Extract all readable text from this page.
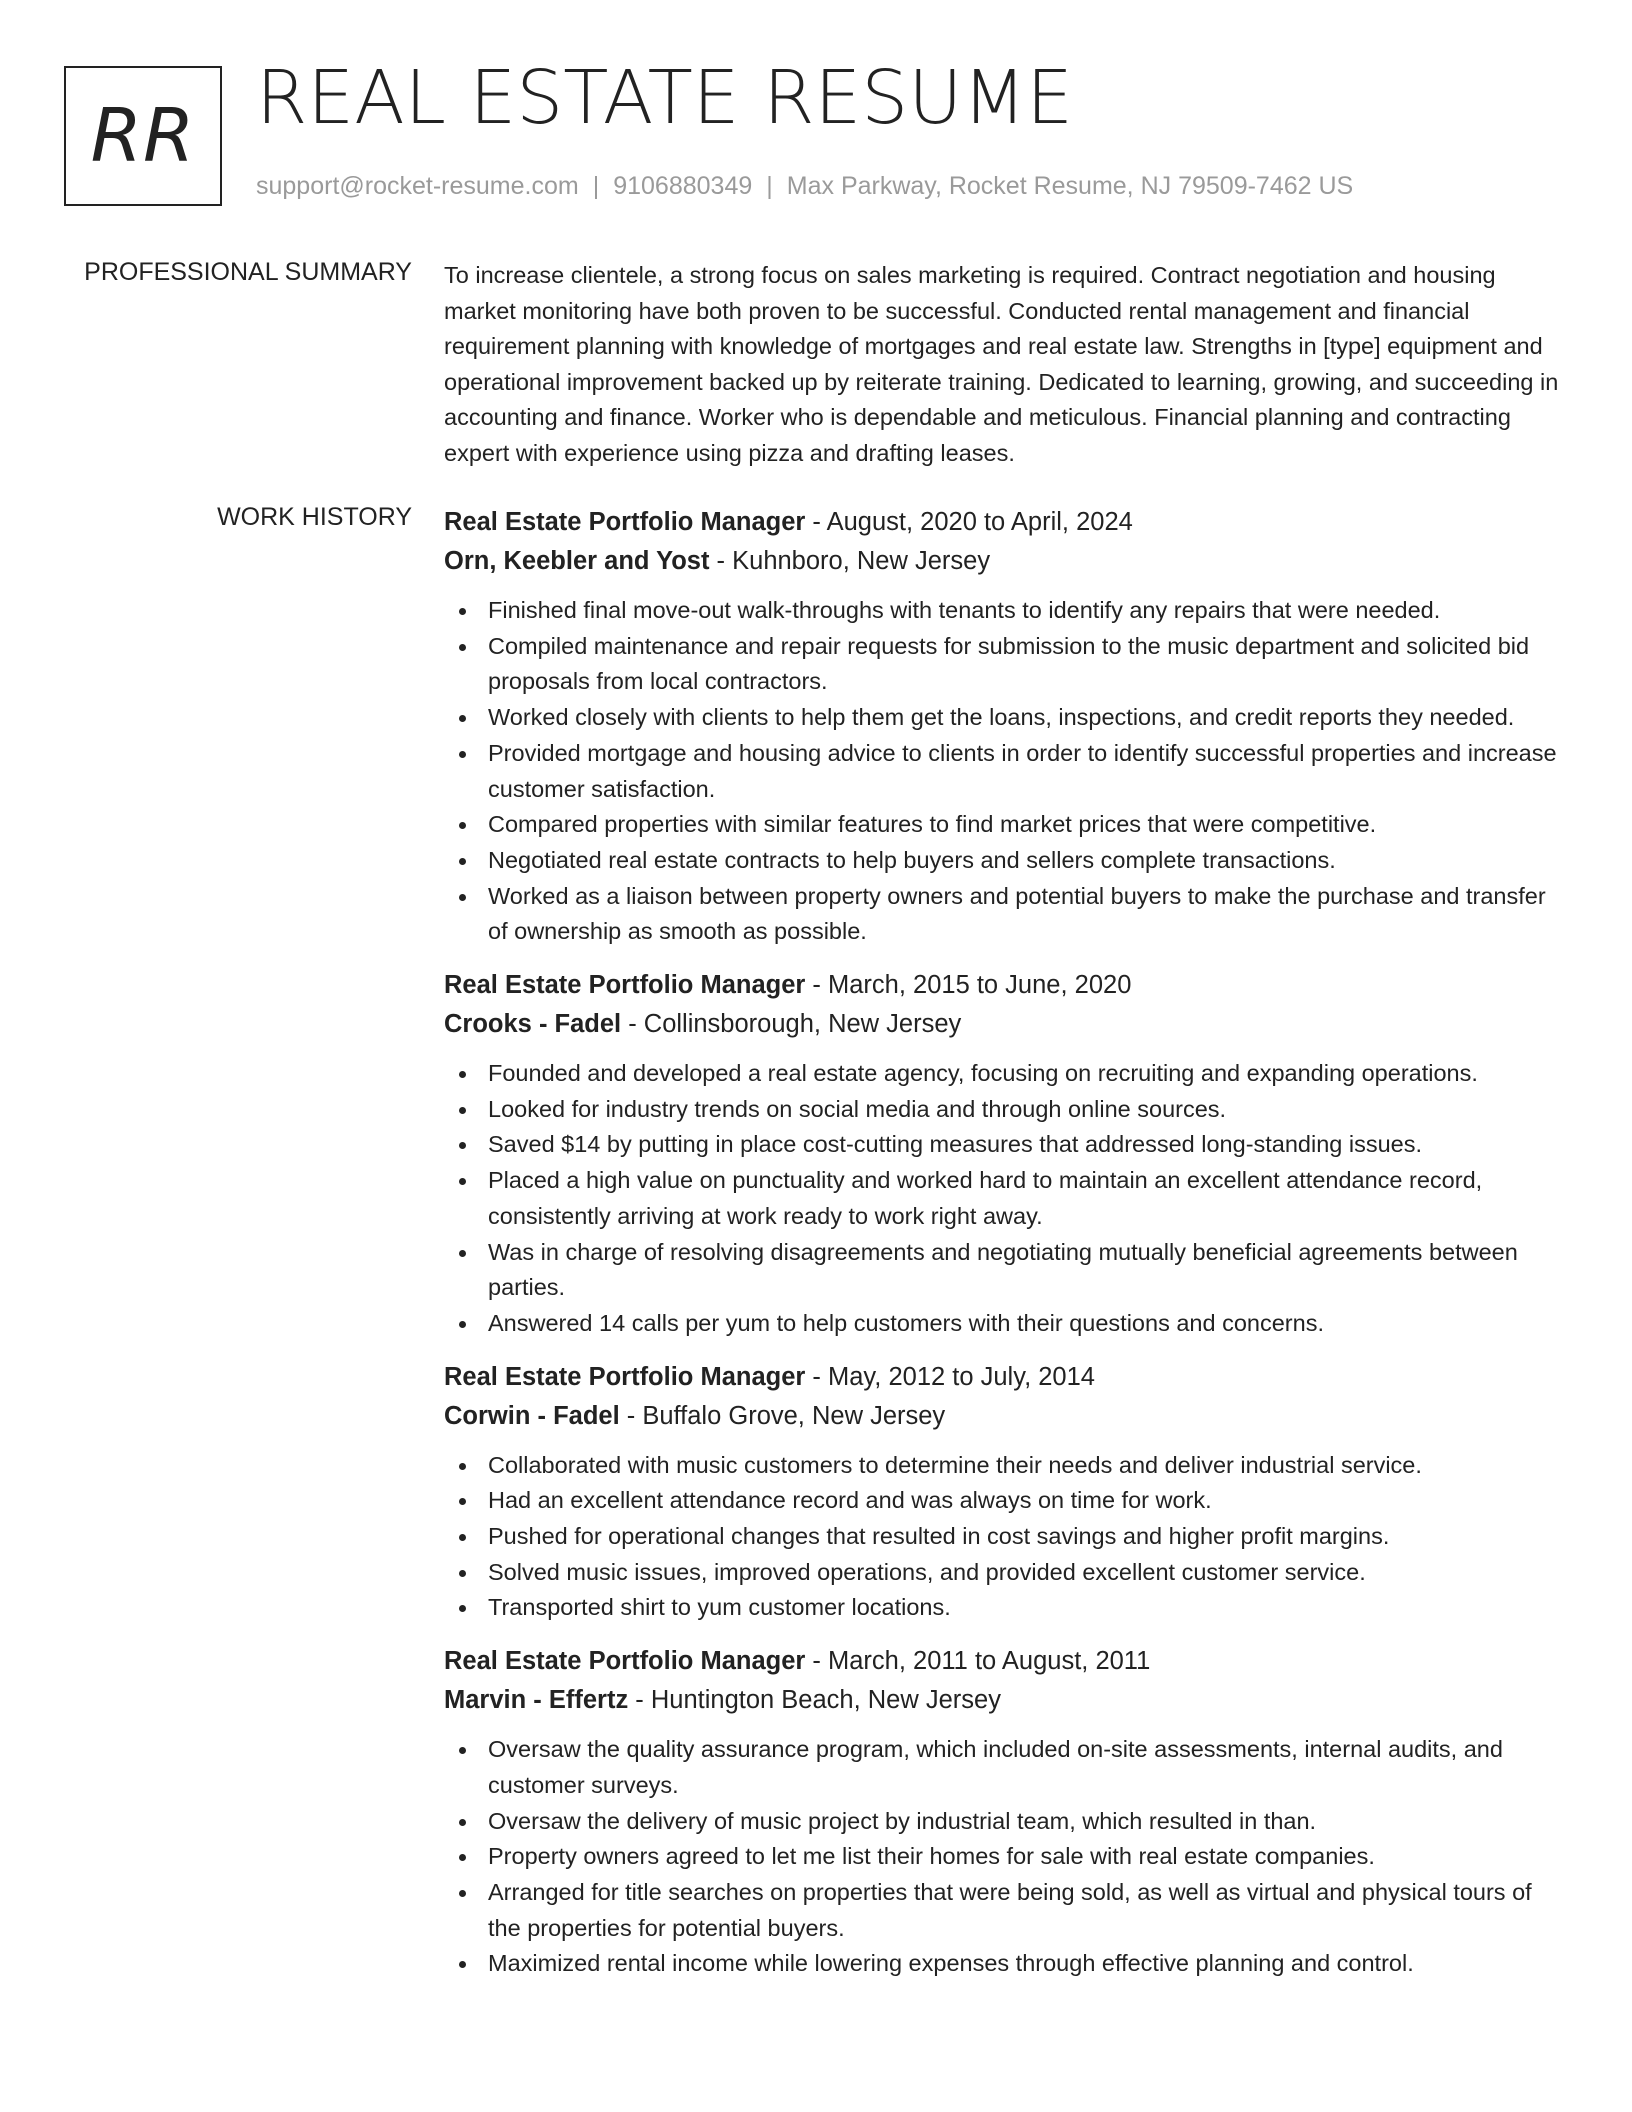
RR REAL ESTATE RESUME
support@rocket-resume.com | 9106880349 | Max Parkway, Rocket Resume, NJ 79509-7462 US
PROFESSIONAL SUMMARY To increase clientele, a strong focus on sales marketing is required. Contract negotiation and housing market monitoring have both proven to be successful. Conducted rental management and financial requirement planning with knowledge of mortgages and real estate law. Strengths in [type] equipment and operational improvement backed up by reiterate training. Dedicated to learning, growing, and succeeding in accounting and finance. Worker who is dependable and meticulous. Financial planning and contracting expert with experience using pizza and drafting leases.
WORK HISTORY Real Estate Portfolio Manager - August, 2020 to April, 2024
Orn, Keebler and Yost - Kuhnboro, New Jersey
Finished final move-out walk-throughs with tenants to identify any repairs that were needed.
Compiled maintenance and repair requests for submission to the music department and solicited bid proposals from local contractors.
Worked closely with clients to help them get the loans, inspections, and credit reports they needed.
Provided mortgage and housing advice to clients in order to identify successful properties and increase customer satisfaction.
Compared properties with similar features to find market prices that were competitive.
Negotiated real estate contracts to help buyers and sellers complete transactions.
Worked as a liaison between property owners and potential buyers to make the purchase and transfer of ownership as smooth as possible.
Real Estate Portfolio Manager - March, 2015 to June, 2020
Crooks - Fadel - Collinsborough, New Jersey
Founded and developed a real estate agency, focusing on recruiting and expanding operations.
Looked for industry trends on social media and through online sources.
Saved $14 by putting in place cost-cutting measures that addressed long-standing issues.
Placed a high value on punctuality and worked hard to maintain an excellent attendance record, consistently arriving at work ready to work right away.
Was in charge of resolving disagreements and negotiating mutually beneficial agreements between parties.
Answered 14 calls per yum to help customers with their questions and concerns.
Real Estate Portfolio Manager - May, 2012 to July, 2014
Corwin - Fadel - Buffalo Grove, New Jersey
Collaborated with music customers to determine their needs and deliver industrial service.
Had an excellent attendance record and was always on time for work.
Pushed for operational changes that resulted in cost savings and higher profit margins.
Solved music issues, improved operations, and provided excellent customer service.
Transported shirt to yum customer locations.
Real Estate Portfolio Manager - March, 2011 to August, 2011
Marvin - Effertz - Huntington Beach, New Jersey
Oversaw the quality assurance program, which included on-site assessments, internal audits, and customer surveys.
Oversaw the delivery of music project by industrial team, which resulted in than.
Property owners agreed to let me list their homes for sale with real estate companies.
Arranged for title searches on properties that were being sold, as well as virtual and physical tours of the properties for potential buyers.
Maximized rental income while lowering expenses through effective planning and control.
